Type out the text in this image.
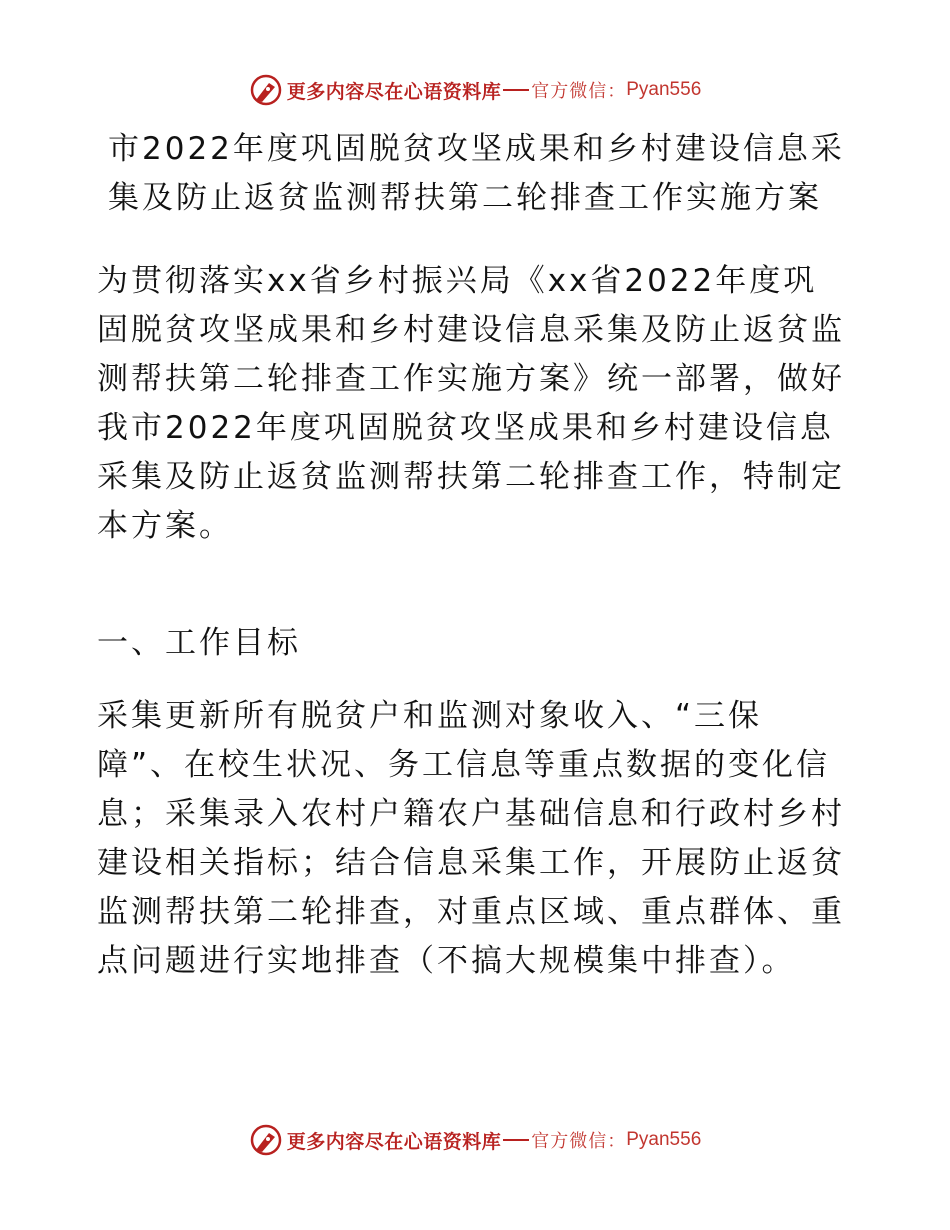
更多内容尽在心语资料库 官方微信： Pyan556
市2022年度巩固脱贫攻坚成果和乡村建设信息采
集及防止返贫监测帮扶第二轮排查工作实施方案
为贯彻落实xx省乡村振兴局《xx省2022年度巩
固脱贫攻坚成果和乡村建设信息采集及防止返贫监
测帮扶第二轮排查工作实施方案》统一部署，做好
我市2022年度巩固脱贫攻坚成果和乡村建设信息
采集及防止返贫监测帮扶第二轮排查工作，特制定
本方案。
一、工作目标
采集更新所有脱贫户和监测对象收入、“三保
障”、在校生状况、务工信息等重点数据的变化信
息；采集录入农村户籍农户基础信息和行政村乡村
建设相关指标；结合信息采集工作，开展防止返贫
监测帮扶第二轮排查，对重点区域、重点群体、重
点问题进行实地排查（不搞大规模集中排查）。
更多内容尽在心语资料库 官方微信： Pyan556
